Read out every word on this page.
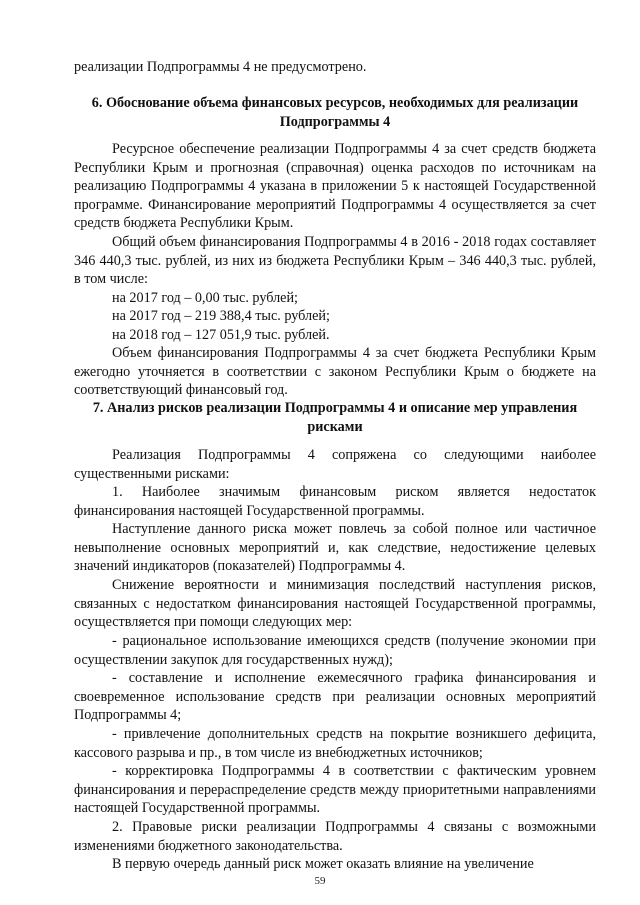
реализации Подпрограммы 4 не предусмотрено.

6. Обоснование объема финансовых ресурсов, необходимых для реализации Подпрограммы 4

Ресурсное обеспечение реализации Подпрограммы 4 за счет средств бюджета Республики Крым и прогнозная (справочная) оценка расходов по источникам на реализацию Подпрограммы 4 указана в приложении 5 к настоящей Государственной программе. Финансирование мероприятий Подпрограммы 4 осуществляется за счет средств бюджета Республики Крым.

Общий объем финансирования Подпрограммы 4 в 2016 - 2018 годах составляет 346 440,3 тыс. рублей, из них из бюджета Республики Крым – 346 440,3 тыс. рублей, в том числе:

на 2017 год – 0,00 тыс. рублей;

на 2017 год – 219 388,4 тыс. рублей;

на 2018 год – 127 051,9 тыс. рублей.

Объем финансирования Подпрограммы 4 за счет бюджета Республики Крым ежегодно уточняется в соответствии с законом Республики Крым о бюджете на соответствующий финансовый год.

7. Анализ рисков реализации Подпрограммы 4 и описание мер управления рисками

Реализация Подпрограммы 4 сопряжена со следующими наиболее существенными рисками:

1. Наиболее значимым финансовым риском является недостаток финансирования настоящей Государственной программы.

Наступление данного риска может повлечь за собой полное или частичное невыполнение основных мероприятий и, как следствие, недостижение целевых значений индикаторов (показателей) Подпрограммы 4.

Снижение вероятности и минимизация последствий наступления рисков, связанных с недостатком финансирования настоящей Государственной программы, осуществляется при помощи следующих мер:

- рациональное использование имеющихся средств (получение экономии при осуществлении закупок для государственных нужд);

- составление и исполнение ежемесячного графика финансирования и своевременное использование средств при реализации основных мероприятий Подпрограммы 4;

- привлечение дополнительных средств на покрытие возникшего дефицита, кассового разрыва и пр., в том числе из внебюджетных источников;

- корректировка Подпрограммы 4 в соответствии с фактическим уровнем финансирования и перераспределение средств между приоритетными направлениями настоящей Государственной программы.

2. Правовые риски реализации Подпрограммы 4 связаны с возможными изменениями бюджетного законодательства.

В первую очередь данный риск может оказать влияние на увеличение

59
